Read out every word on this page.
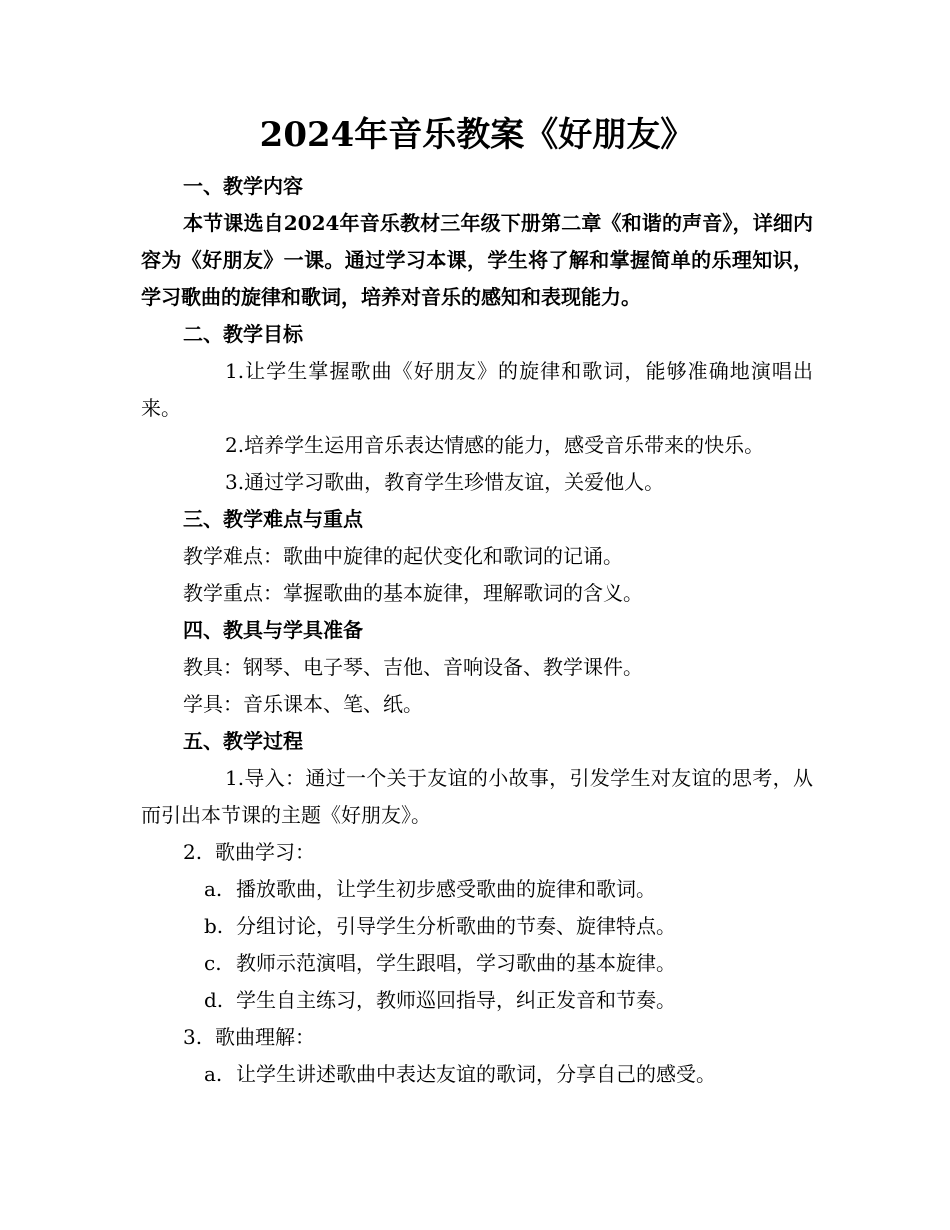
2024年音乐教案《好朋友》

一、教学内容

本节课选自2024年音乐教材三年级下册第二章《和谐的声音》，详细内容为《好朋友》一课。通过学习本课，学生将了解和掌握简单的乐理知识，学习歌曲的旋律和歌词，培养对音乐的感知和表现能力。

二、教学目标

1.让学生掌握歌曲《好朋友》的旋律和歌词，能够准确地演唱出来。

2.培养学生运用音乐表达情感的能力，感受音乐带来的快乐。

3.通过学习歌曲，教育学生珍惜友谊，关爱他人。

三、教学难点与重点

教学难点：歌曲中旋律的起伏变化和歌词的记诵。

教学重点：掌握歌曲的基本旋律，理解歌词的含义。

四、教具与学具准备

教具：钢琴、电子琴、吉他、音响设备、教学课件。

学具：音乐课本、笔、纸。

五、教学过程

1.导入：通过一个关于友谊的小故事，引发学生对友谊的思考，从而引出本节课的主题《好朋友》。

2. 歌曲学习：

a. 播放歌曲，让学生初步感受歌曲的旋律和歌词。

b. 分组讨论，引导学生分析歌曲的节奏、旋律特点。

c. 教师示范演唱，学生跟唱，学习歌曲的基本旋律。

d. 学生自主练习，教师巡回指导，纠正发音和节奏。

3. 歌曲理解：

a. 让学生讲述歌曲中表达友谊的歌词，分享自己的感受。
